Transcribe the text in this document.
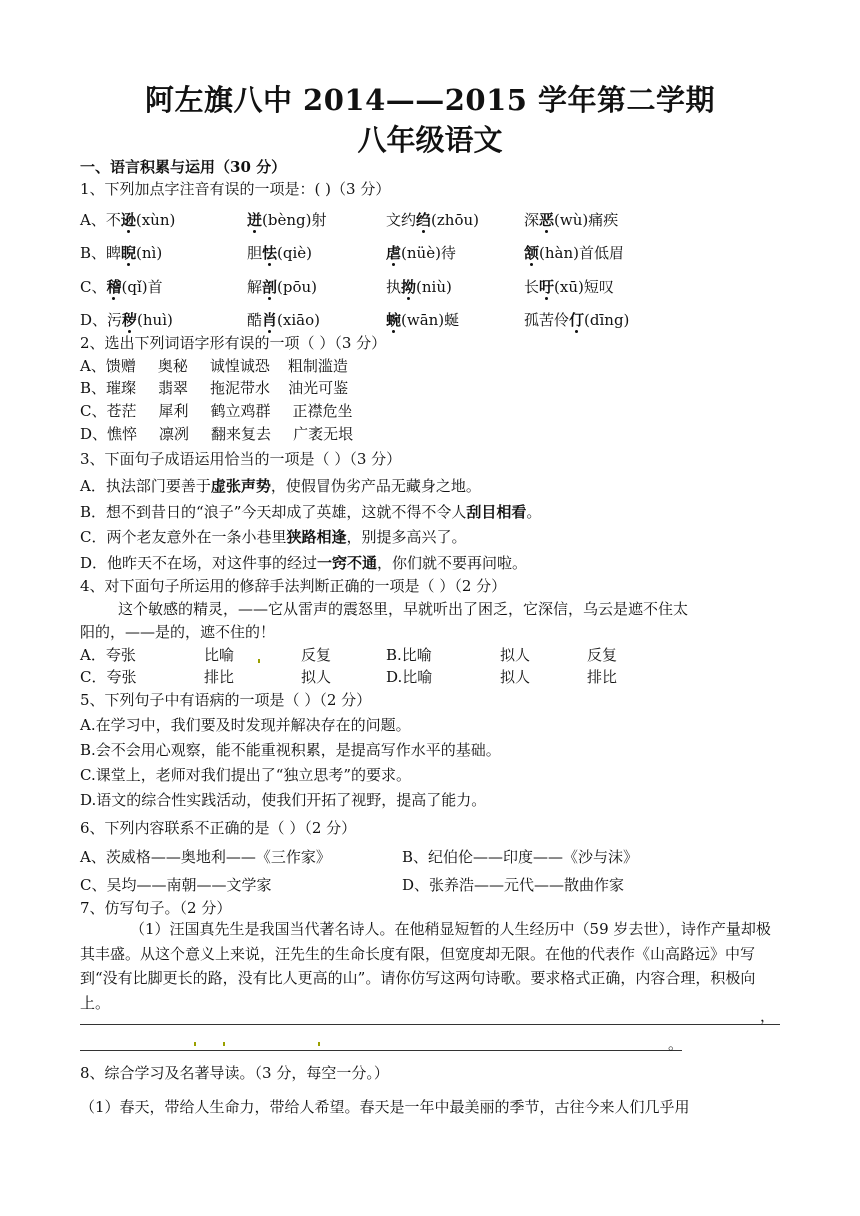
阿左旗八中 2014——2015 学年第二学期
八年级语文
一、语言积累与运用（30 分）
1、下列加点字注音有误的一项是：( )（3 分）
A、不逊(xùn)	迸(bèng)射	文约绉(zhōu)	深恶(wù)痛疾
B、睥睨(nì)	胆怯(qiè)	虐(nüè)待	颔(hàn)首低眉
C、稽(qǐ)首	解剖(pōu)	执拗(niù)	长吁(xū)短叹
D、污秽(huì)	酷肖(xiāo)	蜿(wān)蜒	孤苦伶仃(dīng)
2、选出下列词语字形有误的一项（ ）（3 分）
A、馈赠 奥秘 诚惶诚恐 粗制滥造
B、璀璨 翡翠 拖泥带水 油光可鉴
C、苍茫 犀利 鹤立鸡群 正襟危坐
D、憔悴 凛冽 翻来复去 广袤无垠
3、下面句子成语运用恰当的一项是（ ）（3 分）
A．执法部门要善于虚张声势，使假冒伪劣产品无藏身之地。
B．想不到昔日的“浪子”今天却成了英雄，这就不得不令人刮目相看。
C．两个老友意外在一条小巷里狭路相逢，别提多高兴了。
D．他昨天不在场，对这件事的经过一窍不通，你们就不要再问啦。
4、对下面句子所运用的修辞手法判断正确的一项是（ ）（2 分）
这个敏感的精灵，——它从雷声的震怒里，早就听出了困乏，它深信，乌云是遮不住太
阳的，——是的，遮不住的！
A．夸张	比喻	反复	B.比喻	拟人	反复
C．夸张	排比	拟人	D.比喻	拟人	排比
5、下列句子中有语病的一项是（ ）（2 分）
A.在学习中，我们要及时发现并解决存在的问题。
B.会不会用心观察，能不能重视积累，是提高写作水平的基础。
C.课堂上，老师对我们提出了“独立思考”的要求。
D.语文的综合性实践活动，使我们开拓了视野，提高了能力。
6、下列内容联系不正确的是（ ）（2 分）
A、茨威格——奥地利——《三作家》	B、纪伯伦——印度——《沙与沫》
C、吴均——南朝——文学家	D、张养浩——元代——散曲作家
7、仿写句子。（2 分）

（1）汪国真先生是我国当代著名诗人。在他稍显短暂的人生经历中（59 岁去世），诗作产量却极其丰盛。从这个意义上来说，汪先生的生命长度有限，但宽度却无限。在他的代表作《山高路远》中写到“没有比脚更长的路，没有比人更高的山”。请你仿写这两句诗歌。要求格式正确，内容合理，积极向上。

，
。
8、综合学习及名著导读。（3 分，每空一分。）
（1）春天，带给人生命力，带给人希望。春天是一年中最美丽的季节，古往今来人们几乎用
